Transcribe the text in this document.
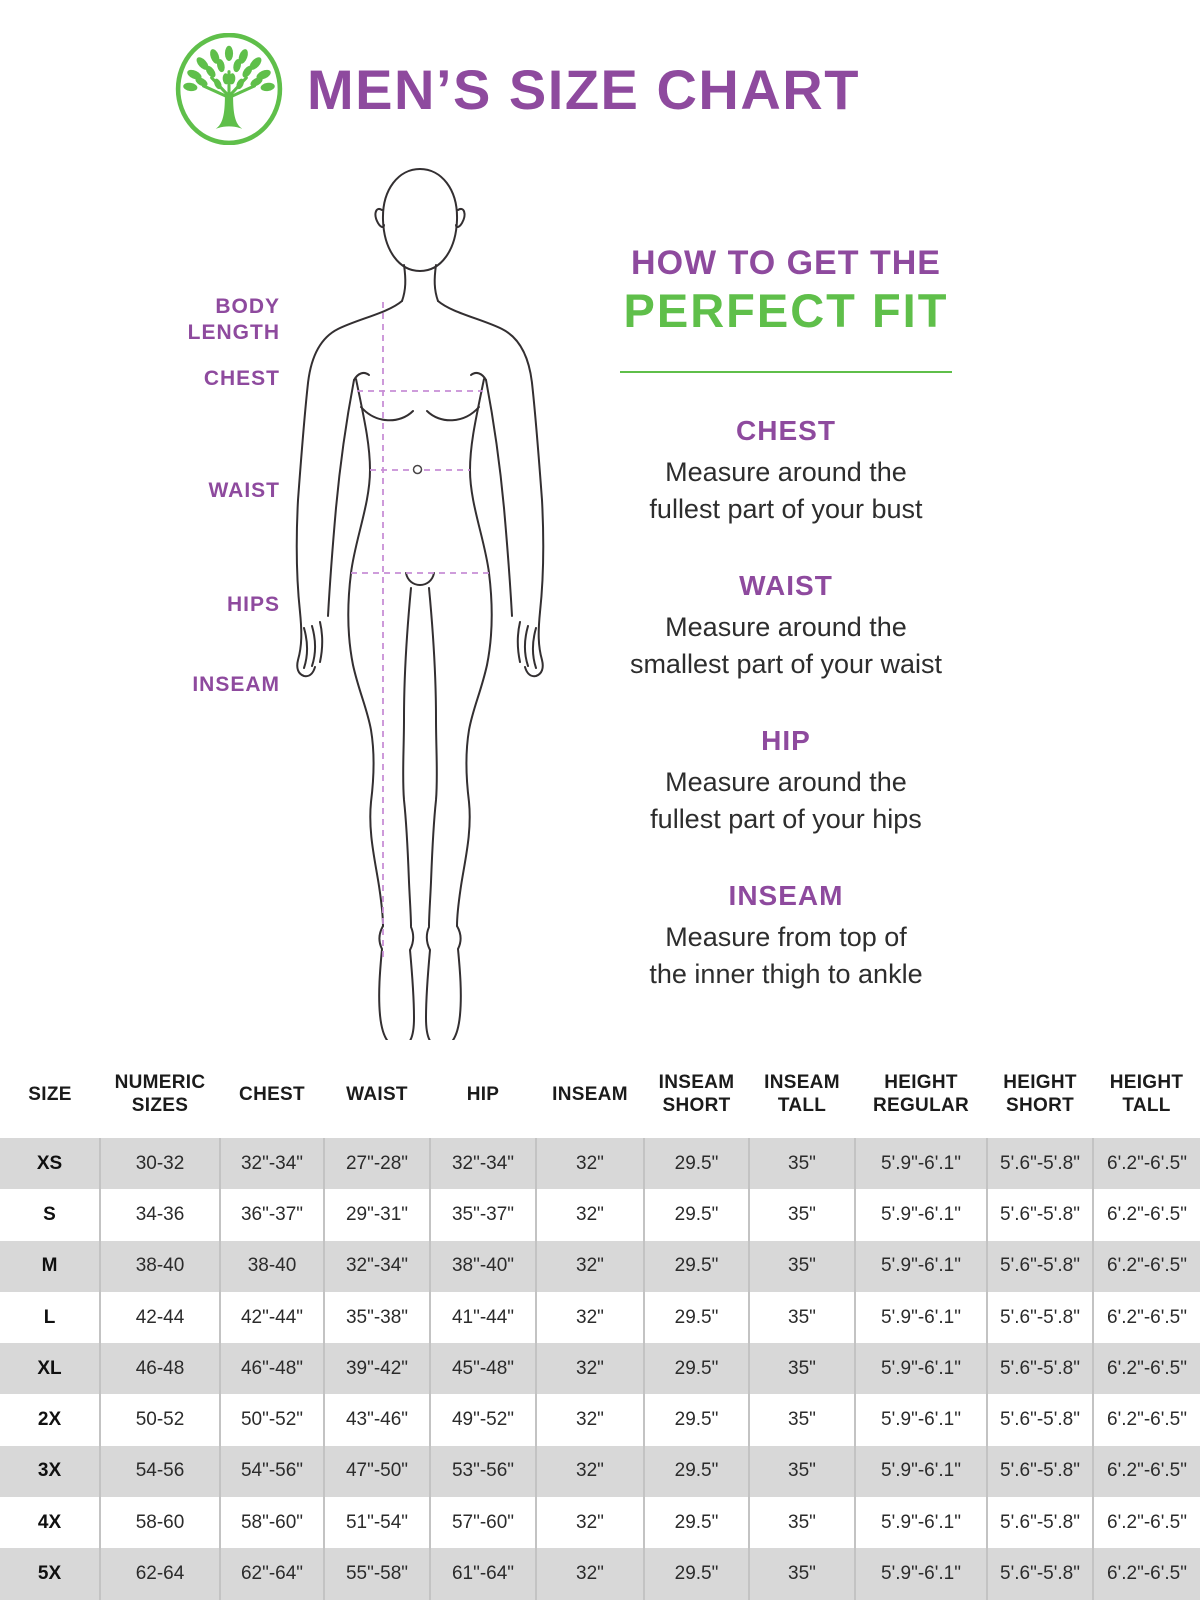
MEN’S SIZE CHART
BODY LENGTH
CHEST
WAIST
HIPS
INSEAM
HOW TO GET THE
PERFECT FIT
CHEST

Measure around the
fullest part of your bust

WAIST

Measure around the
smallest part of your waist

HIP

Measure around the
fullest part of your hips

INSEAM

Measure from top of
the inner thigh to ankle

SIZE	NUMERIC SIZES	CHEST	WAIST	HIP	INSEAM	INSEAM SHORT	INSEAM TALL	HEIGHT REGULAR	HEIGHT SHORT	HEIGHT TALL
XS	30-32	32"-34"	27"-28"	32"-34"	32"	29.5"	35"	5'.9"-6'.1"	5'.6"-5'.8"	6'.2"-6'.5"
S	34-36	36"-37"	29"-31"	35"-37"	32"	29.5"	35"	5'.9"-6'.1"	5'.6"-5'.8"	6'.2"-6'.5"
M	38-40	38-40	32"-34"	38"-40"	32"	29.5"	35"	5'.9"-6'.1"	5'.6"-5'.8"	6'.2"-6'.5"
L	42-44	42"-44"	35"-38"	41"-44"	32"	29.5"	35"	5'.9"-6'.1"	5'.6"-5'.8"	6'.2"-6'.5"
XL	46-48	46"-48"	39"-42"	45"-48"	32"	29.5"	35"	5'.9"-6'.1"	5'.6"-5'.8"	6'.2"-6'.5"
2X	50-52	50"-52"	43"-46"	49"-52"	32"	29.5"	35"	5'.9"-6'.1"	5'.6"-5'.8"	6'.2"-6'.5"
3X	54-56	54"-56"	47"-50"	53"-56"	32"	29.5"	35"	5'.9"-6'.1"	5'.6"-5'.8"	6'.2"-6'.5"
4X	58-60	58"-60"	51"-54"	57"-60"	32"	29.5"	35"	5'.9"-6'.1"	5'.6"-5'.8"	6'.2"-6'.5"
5X	62-64	62"-64"	55"-58"	61"-64"	32"	29.5"	35"	5'.9"-6'.1"	5'.6"-5'.8"	6'.2"-6'.5"
